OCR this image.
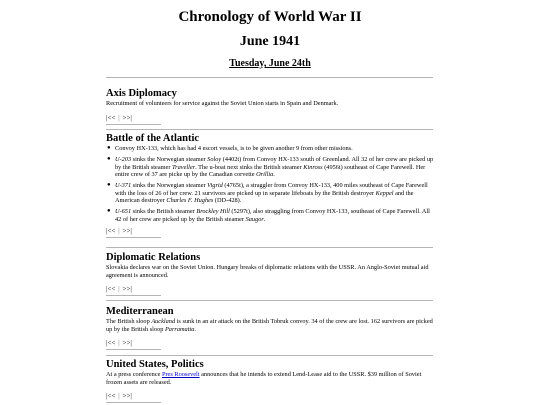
Chronology of World War II
June 1941
Tuesday, June 24th
Axis Diplomacy

Recruitment of volunteers for service against the Soviet Union starts in Spain and Denmark.

|<< | >>|
Battle of the Atlantic
● Convoy HX-133, which has had 4 escort vessels, is to be given another 9 from other missions.
● U-203 sinks the Norwegian steamer Soloy (4402t) from Convoy HX-133 south of Greenland. All 32 of her crew are picked up by the British steamer Traveller. The u-boat next sinks the British steamer Kinross (4956t) southeast of Cape Farewell. Her entire crew of 37 are picke up by the Canadian corvette Orillia.
● U-371 sinks the Norwegian steamer Vigrid (4765t), a straggler from Convoy HX-133, 400 miles southeast of Cape Farewell with the loss of 26 of her crew. 21 survivors are picked up in separate lifeboats by the British destroyer Keppel and the American destroyer Charles F. Hughes (DD-428).
● U-651 sinks the British steamer Brockley Hill (5297t), also straggling from Convoy HX-133, southeast of Cape Farewell. All 42 of her crew are picked up by the British steamer Saugor.
|<< | >>|
Diplomatic Relations

Slovakia declares war on the Soviet Union. Hungary breaks of diplomatic relations with the USSR. An Anglo-Soviet mutual aid agreement is announced.

|<< | >>|
Mediterranean

The British sloop Auckland is sunk in an air attack on the British Tobruk convoy. 34 of the crew are lost. 162 survivors are picked up by the British sloop Parramatta.

|<< | >>|
United States, Politics

At a press conference Pres Roosevelt announces that he intends to extend Lend-Lease aid to the USSR. $39 million of Soviet frozen assets are released.

|<< | >>|
